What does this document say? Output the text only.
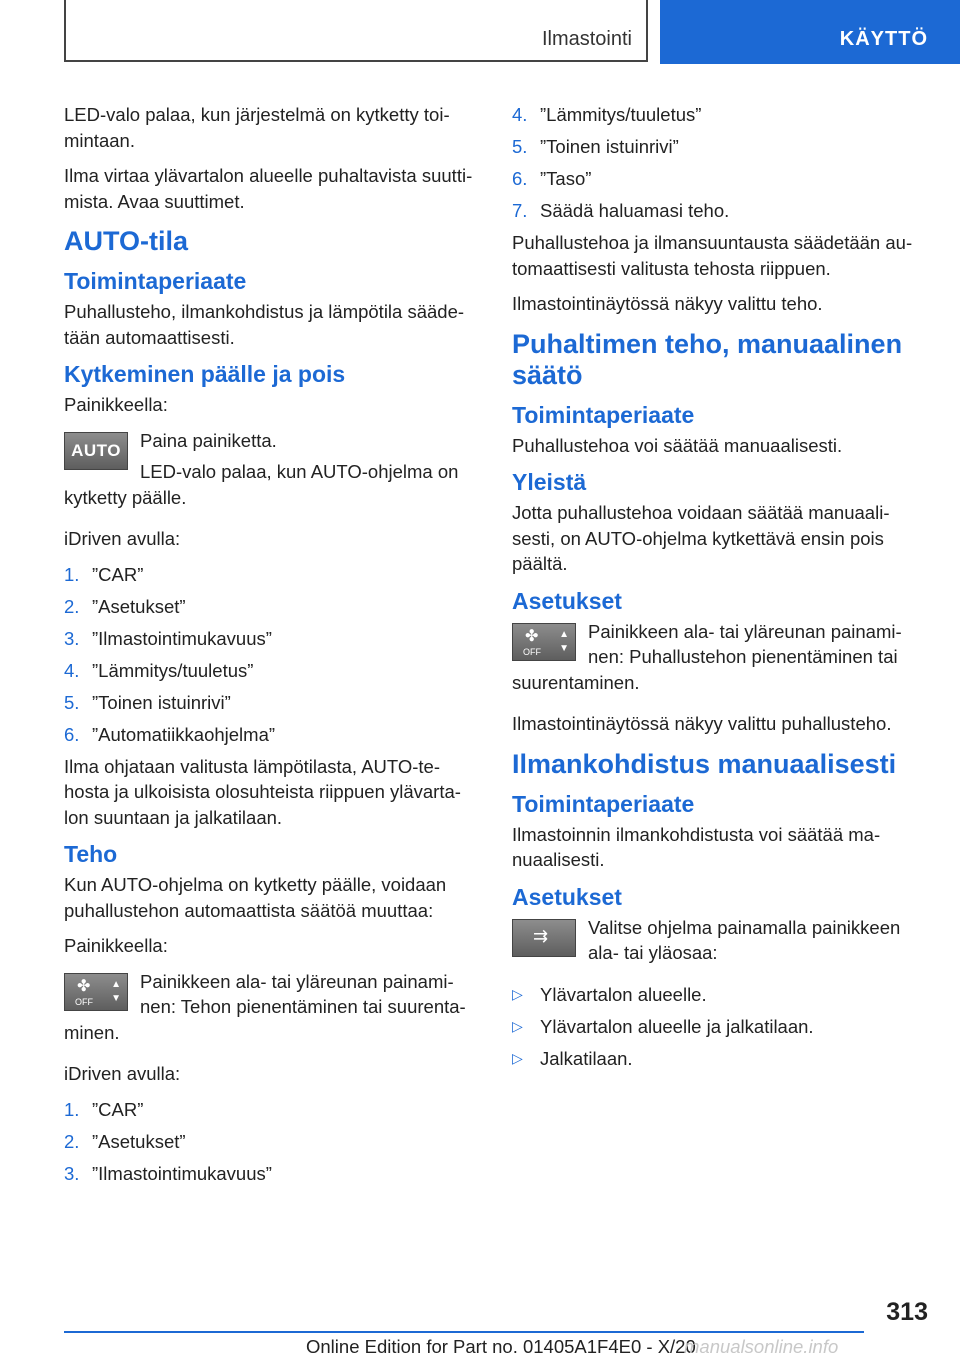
Ilmastointi	KÄYTTÖ

LED-valo palaa, kun järjestelmä on kytketty toimintaan.

Ilma virtaa ylävartalon alueelle puhaltavista suuttimista. Avaa suuttimet.

AUTO-tila
Toimintaperiaate

Puhallusteho, ilmankohdistus ja lämpötila säädetään automaattisesti.

Kytkeminen päälle ja pois

Painikkeella:

AUTO	Paina painiketta.

LED-valo palaa, kun AUTO-ohjelma on kytketty päälle.

iDriven avulla:

1. ”CAR”
2. ”Asetukset”
3. ”Ilmastointimukavuus”
4. ”Lämmitys/tuuletus”
5. ”Toinen istuinrivi”
6. ”Automatiikkaohjelma”

Ilma ohjataan valitusta lämpötilasta, AUTO-tehosta ja ulkoisista olosuhteista riippuen ylävartalon suuntaan ja jalkatilaan.

Teho

Kun AUTO-ohjelma on kytketty päälle, voidaan puhallustehon automaattista säätöä muuttaa:

Painikkeella:

✤ ▲
▼
OFF

Painikkeen ala- tai yläreunan painaminen: Tehon pienentäminen tai suurentaminen.

iDriven avulla:

1. ”CAR”
2. ”Asetukset”
3. ”Ilmastointimukavuus”
4. ”Lämmitys/tuuletus”
5. ”Toinen istuinrivi”
6. ”Taso”
7. Säädä haluamasi teho.

Puhallustehoa ja ilmansuuntausta säädetään automaattisesti valitusta tehosta riippuen.

Ilmastointinäytössä näkyy valittu teho.

Puhaltimen teho, manuaalinen säätö
Toimintaperiaate

Puhallustehoa voi säätää manuaalisesti.

Yleistä

Jotta puhallustehoa voidaan säätää manuaalisesti, on AUTO-ohjelma kytkettävä ensin pois päältä.

Asetukset
✤ ▲
▼
OFF

Painikkeen ala- tai yläreunan painaminen: Puhallustehon pienentäminen tai suurentaminen.

Ilmastointinäytössä näkyy valittu puhallusteho.

Ilmankohdistus manuaalisesti
Toimintaperiaate

Ilmastoinnin ilmankohdistusta voi säätää manuaalisesti.

Asetukset
⇉	Valitse ohjelma painamalla painikkeen ala- tai yläosaa:

▷ Ylävartalon alueelle.
▷ Ylävartalon alueelle ja jalkatilaan.
▷ Jalkatilaan.
313
Online Edition for Part no. 01405A1F4E0 - X/20
manualsonline.info
